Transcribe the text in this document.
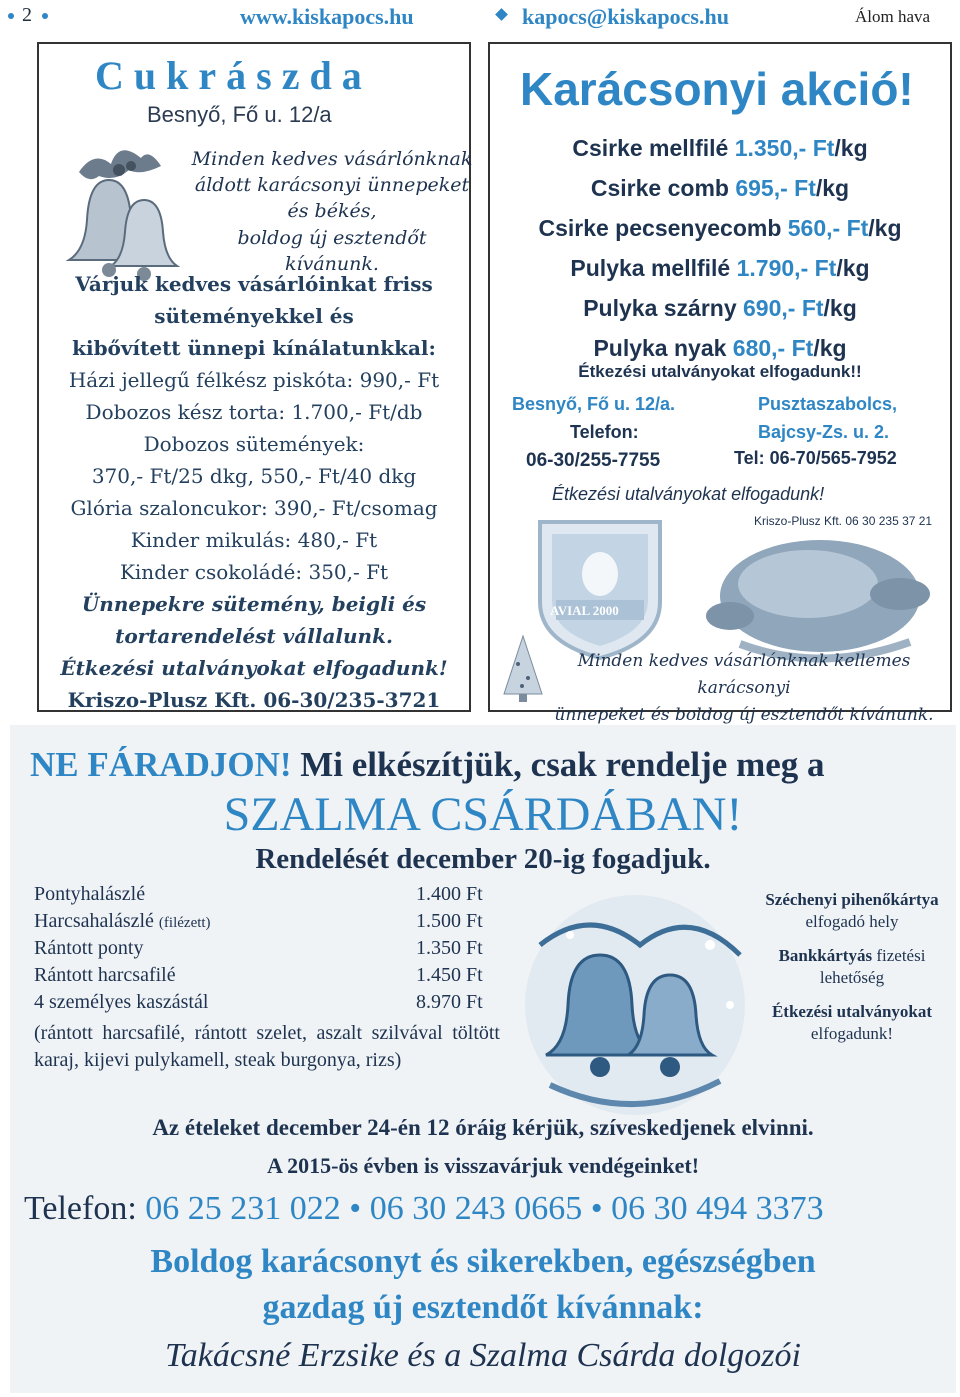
2	www.kiskapocs.hu	kapocs@kiskapocs.hu	Álom hava
Cukrászda
Besnyő, Fő u. 12/a
Minden kedves vásárlónknak
áldott karácsonyi ünnepeket és békés,
boldog új esztendőt kívánunk.
Várjuk kedves vásárlóinkat friss
süteményekkel és
kibővített ünnepi kínálatunkkal:
Házi jellegű félkész piskóta: 990,- Ft
Dobozos kész torta: 1.700,- Ft/db
Dobozos sütemények:
370,- Ft/25 dkg, 550,- Ft/40 dkg
Glória szaloncukor: 390,- Ft/csomag
Kinder mikulás: 480,- Ft
Kinder csokoládé: 350,- Ft
Ünnepekre sütemény, beigli és
tortarendelést vállalunk.
Étkezési utalványokat elfogadunk!
Kriszo-Plusz Kft. 06-30/235-3721
Karácsonyi akció!
Csirke mellfilé 1.350,- Ft/kg
Csirke comb 695,- Ft/kg
Csirke pecsenyecomb 560,- Ft/kg
Pulyka mellfilé 1.790,- Ft/kg
Pulyka szárny 690,- Ft/kg
Pulyka nyak 680,- Ft/kg
Étkezési utalványokat elfogadunk!!
Besnyő, Fő u. 12/a.
Telefon:
06-30/255-7755
Pusztaszabolcs,
Bajcsy-Zs. u. 2.
Tel: 06-70/565-7952
Étkezési utalványokat elfogadunk!
Kriszo-Plusz Kft. 06 30 235 37 21
AVIAL 2000
Minden kedves vásárlónknak kellemes karácsonyi
ünnepeket és boldog új esztendőt kívánunk.
NE FÁRADJON! Mi elkészítjük, csak rendelje meg a
SZALMA CSÁRDÁBAN!
Rendelését december 20-ig fogadjuk.
Pontyhalászlé	1.400 Ft
Harcsahalászlé (filézett)	1.500 Ft
Rántott ponty	1.350 Ft
Rántott harcsafilé	1.450 Ft
4 személyes kaszástál	8.970 Ft
(rántott harcsafilé, rántott szelet, aszalt szilvával töltött karaj, kijevi pulykamell, steak burgonya, rizs)
Széchenyi pihenőkártya
elfogadó hely
Bankkártyás fizetési lehetőség
Étkezési utalványokat
elfogadunk!
Az ételeket december 24-én 12 óráig kérjük, szíveskedjenek elvinni.
A 2015-ös évben is visszavárjuk vendégeinket!
Telefon: 06 25 231 022 • 06 30 243 0665 • 06 30 494 3373
Boldog karácsonyt és sikerekben, egészségben
gazdag új esztendőt kívánnak:
Takácsné Erzsike és a Szalma Csárda dolgozói
